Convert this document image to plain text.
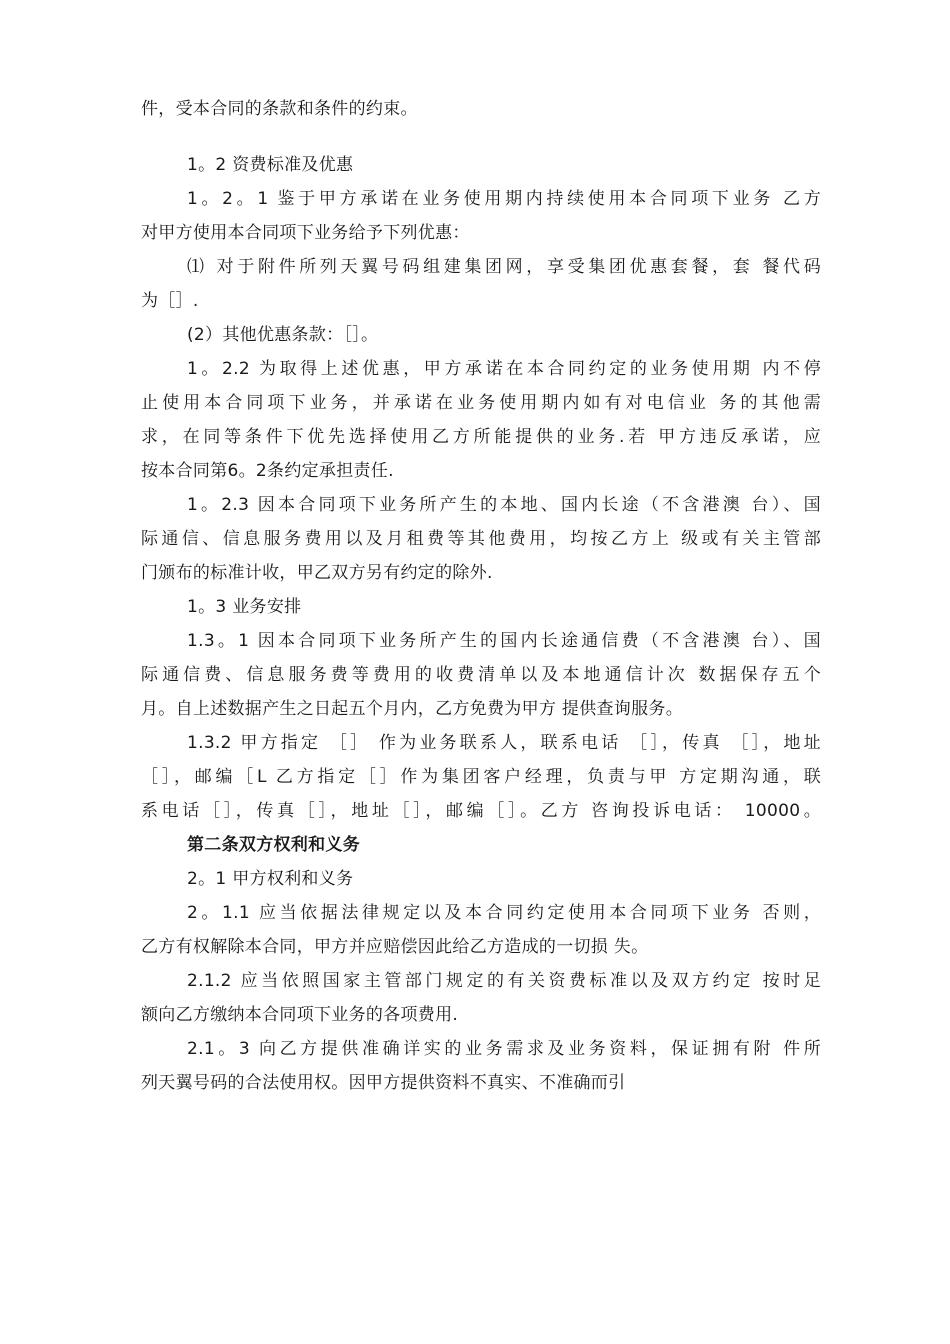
件，受本合同的条款和条件的约束。
1。2 资费标准及优惠
1。2。1 鉴于甲方承诺在业务使用期内持续使用本合同项下业务 乙方
对甲方使用本合同项下业务给予下列优惠：
⑴ 对于附件所列天翼号码组建集团网，享受集团优惠套餐，套 餐代码
为［］.
(2）其他优惠条款：［］。
1。2.2 为取得上述优惠，甲方承诺在本合同约定的业务使用期 内不停
止使用本合同项下业务，并承诺在业务使用期内如有对电信业 务的其他需
求，在同等条件下优先选择使用乙方所能提供的业务.若 甲方违反承诺，应
按本合同第6。2条约定承担责任.
1。2.3 因本合同项下业务所产生的本地、国内长途（不含港澳 台）、国
际通信、信息服务费用以及月租费等其他费用，均按乙方上 级或有关主管部
门颁布的标准计收，甲乙双方另有约定的除外.
1。3 业务安排
1.3。1 因本合同项下业务所产生的国内长途通信费（不含港澳 台）、国
际通信费、信息服务费等费用的收费清单以及本地通信计次 数据保存五个
月。自上述数据产生之日起五个月内，乙方免费为甲方 提供查询服务。
1.3.2 甲方指定 ［］ 作为业务联系人，联系电话 ［］，传真 ［］，地址
［］，邮编［L 乙方指定［］作为集团客户经理，负责与甲 方定期沟通，联
系电话［］，传真［］，地址［］，邮编［］。乙方 咨询投诉电话： 10000。
第二条双方权利和义务
2。1 甲方权利和义务
2。1.1 应当依据法律规定以及本合同约定使用本合同项下业务 否则，
乙方有权解除本合同，甲方并应赔偿因此给乙方造成的一切损 失。
2.1.2 应当依照国家主管部门规定的有关资费标准以及双方约定 按时足
额向乙方缴纳本合同项下业务的各项费用.
2.1。3 向乙方提供准确详实的业务需求及业务资料，保证拥有附 件所
列天翼号码的合法使用权。因甲方提供资料不真实、不准确而引
